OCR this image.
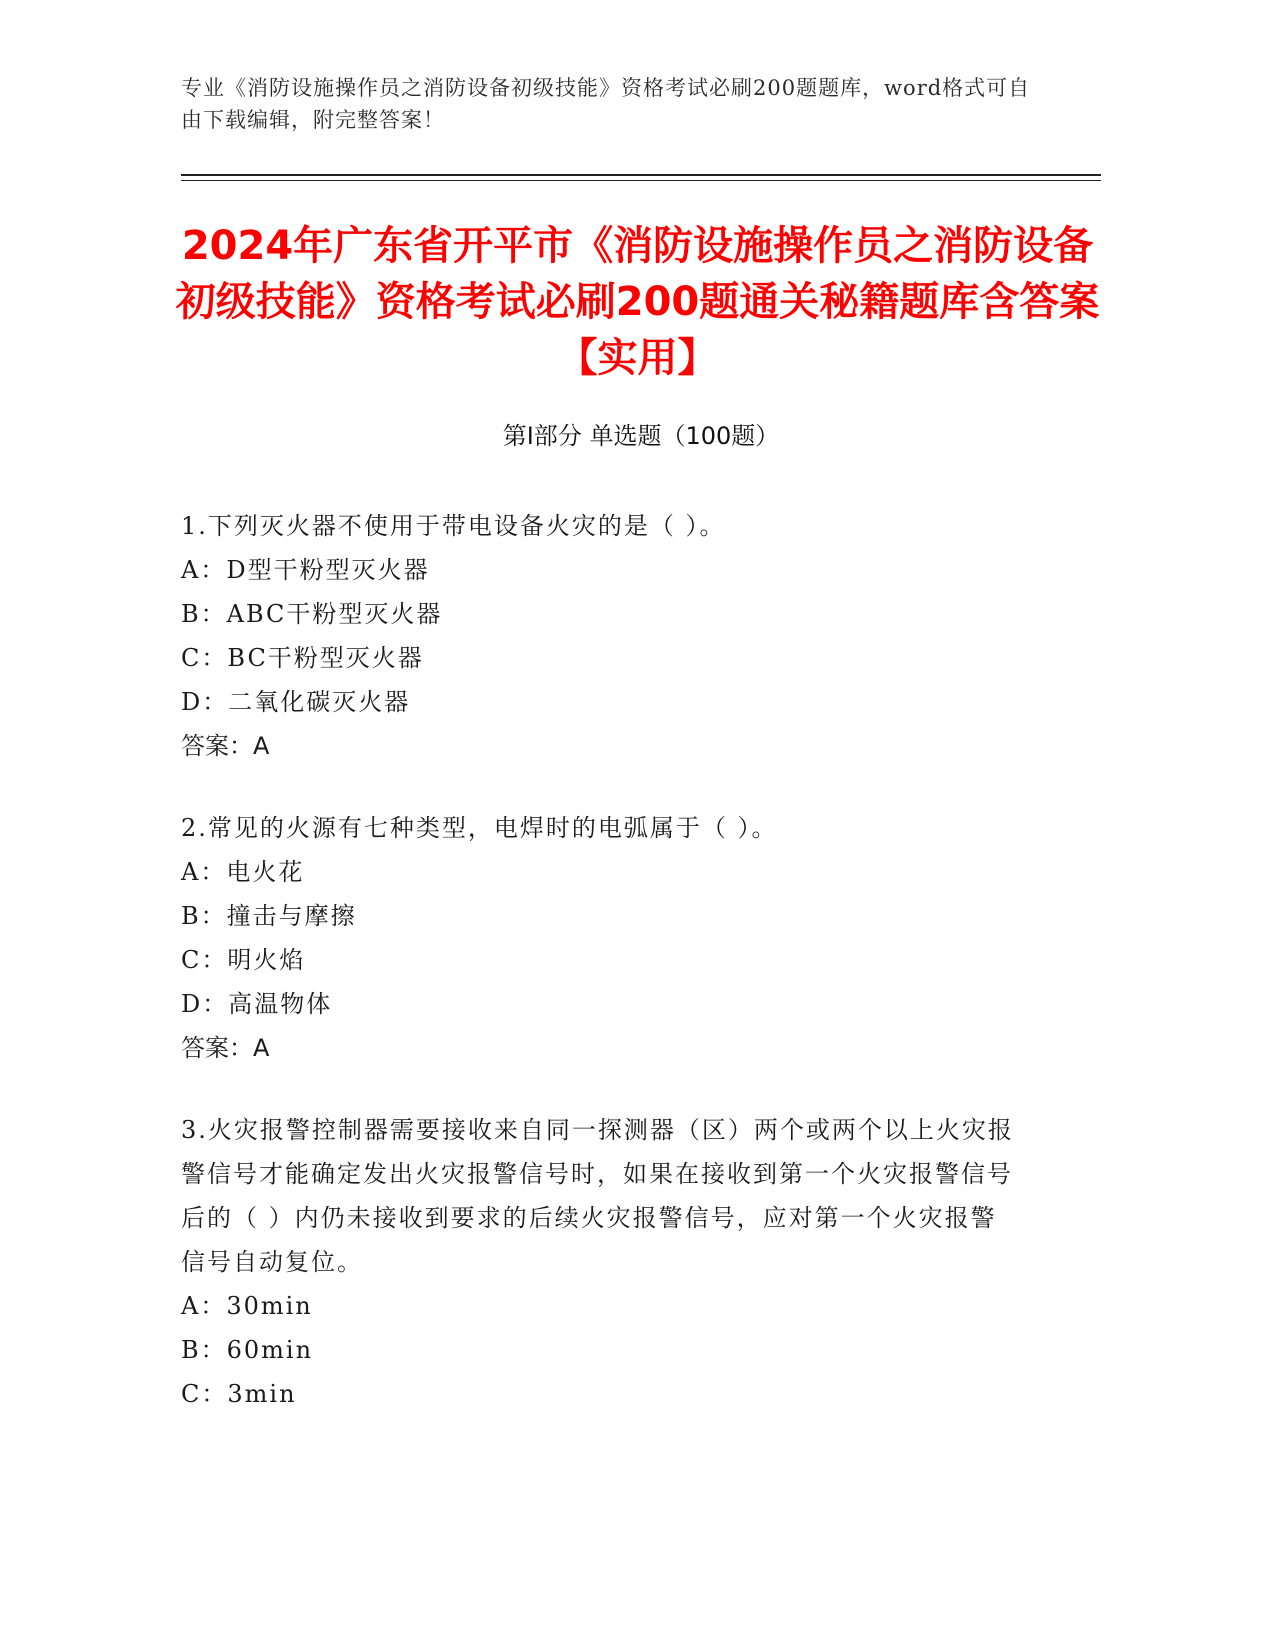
专业《消防设施操作员之消防设备初级技能》资格考试必刷200题题库，word格式可自由下载编辑，附完整答案！
2024年广东省开平市《消防设施操作员之消防设备初级技能》资格考试必刷200题通关秘籍题库含答案【实用】
第I部分 单选题（100题）

1.下列灭火器不使用于带电设备火灾的是（ ）。

A：D型干粉型灭火器

B：ABC干粉型灭火器

C：BC干粉型灭火器

D：二氧化碳灭火器

答案：A

2.常见的火源有七种类型，电焊时的电弧属于（ ）。

A：电火花

B：撞击与摩擦

C：明火焰

D：高温物体

答案：A

3.火灾报警控制器需要接收来自同一探测器（区）两个或两个以上火灾报警信号才能确定发出火灾报警信号时，如果在接收到第一个火灾报警信号后的（ ）内仍未接收到要求的后续火灾报警信号，应对第一个火灾报警信号自动复位。

A：30min

B：60min

C：3min
